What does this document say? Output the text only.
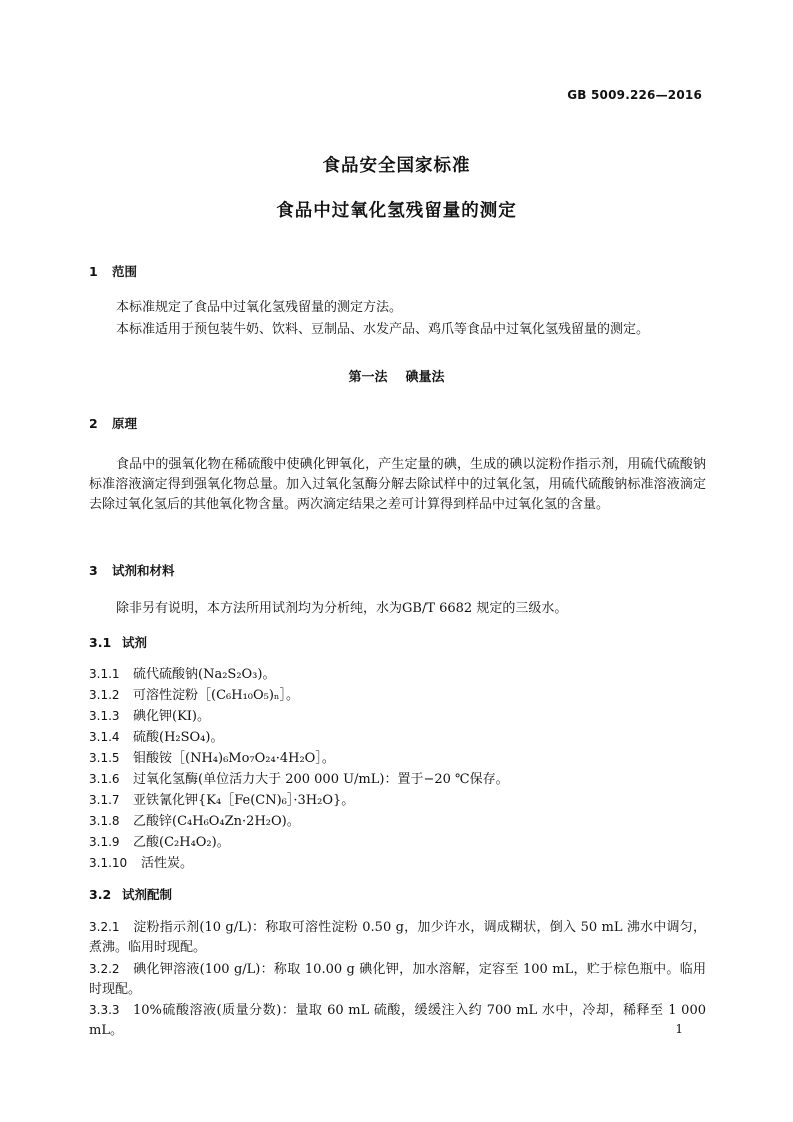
GB 5009.226—2016
食品安全国家标准
食品中过氧化氢残留量的测定
1 范围
本标准规定了食品中过氧化氢残留量的测定方法。
本标准适用于预包装牛奶、饮料、豆制品、水发产品、鸡爪等食品中过氧化氢残留量的测定。
第一法    碘量法
2 原理
食品中的强氧化物在稀硫酸中使碘化钾氧化，产生定量的碘，生成的碘以淀粉作指示剂，用硫代硫酸钠标准溶液滴定得到强氧化物总量。加入过氧化氢酶分解去除试样中的过氧化氢，用硫代硫酸钠标准溶液滴定去除过氧化氢后的其他氧化物含量。两次滴定结果之差可计算得到样品中过氧化氢的含量。
3 试剂和材料
除非另有说明，本方法所用试剂均为分析纯，水为GB/T 6682 规定的三级水。
3.1 试剂
3.1.1 硫代硫酸钠(Na₂S₂O₃)。
3.1.2 可溶性淀粉［(C₆H₁₀O₅)ₙ］。
3.1.3 碘化钾(KI)。
3.1.4 硫酸(H₂SO₄)。
3.1.5 钼酸铵［(NH₄)₆Mo₇O₂₄·4H₂O］。
3.1.6 过氧化氢酶(单位活力大于 200 000 U/mL)：置于−20 ℃保存。
3.1.7 亚铁氰化钾{K₄［Fe(CN)₆］·3H₂O}。
3.1.8 乙酸锌(C₄H₆O₄Zn·2H₂O)。
3.1.9 乙酸(C₂H₄O₂)。
3.1.10 活性炭。
3.2 试剂配制
3.2.1 淀粉指示剂(10 g/L)：称取可溶性淀粉 0.50 g，加少许水，调成糊状，倒入 50 mL 沸水中调匀，煮沸。临用时现配。
3.2.2 碘化钾溶液(100 g/L)：称取 10.00 g 碘化钾，加水溶解，定容至 100 mL，贮于棕色瓶中。临用时现配。
3.3.3 10%硫酸溶液(质量分数)：量取 60 mL 硫酸，缓缓注入约 700 mL 水中，冷却，稀释至 1 000 mL。	1
